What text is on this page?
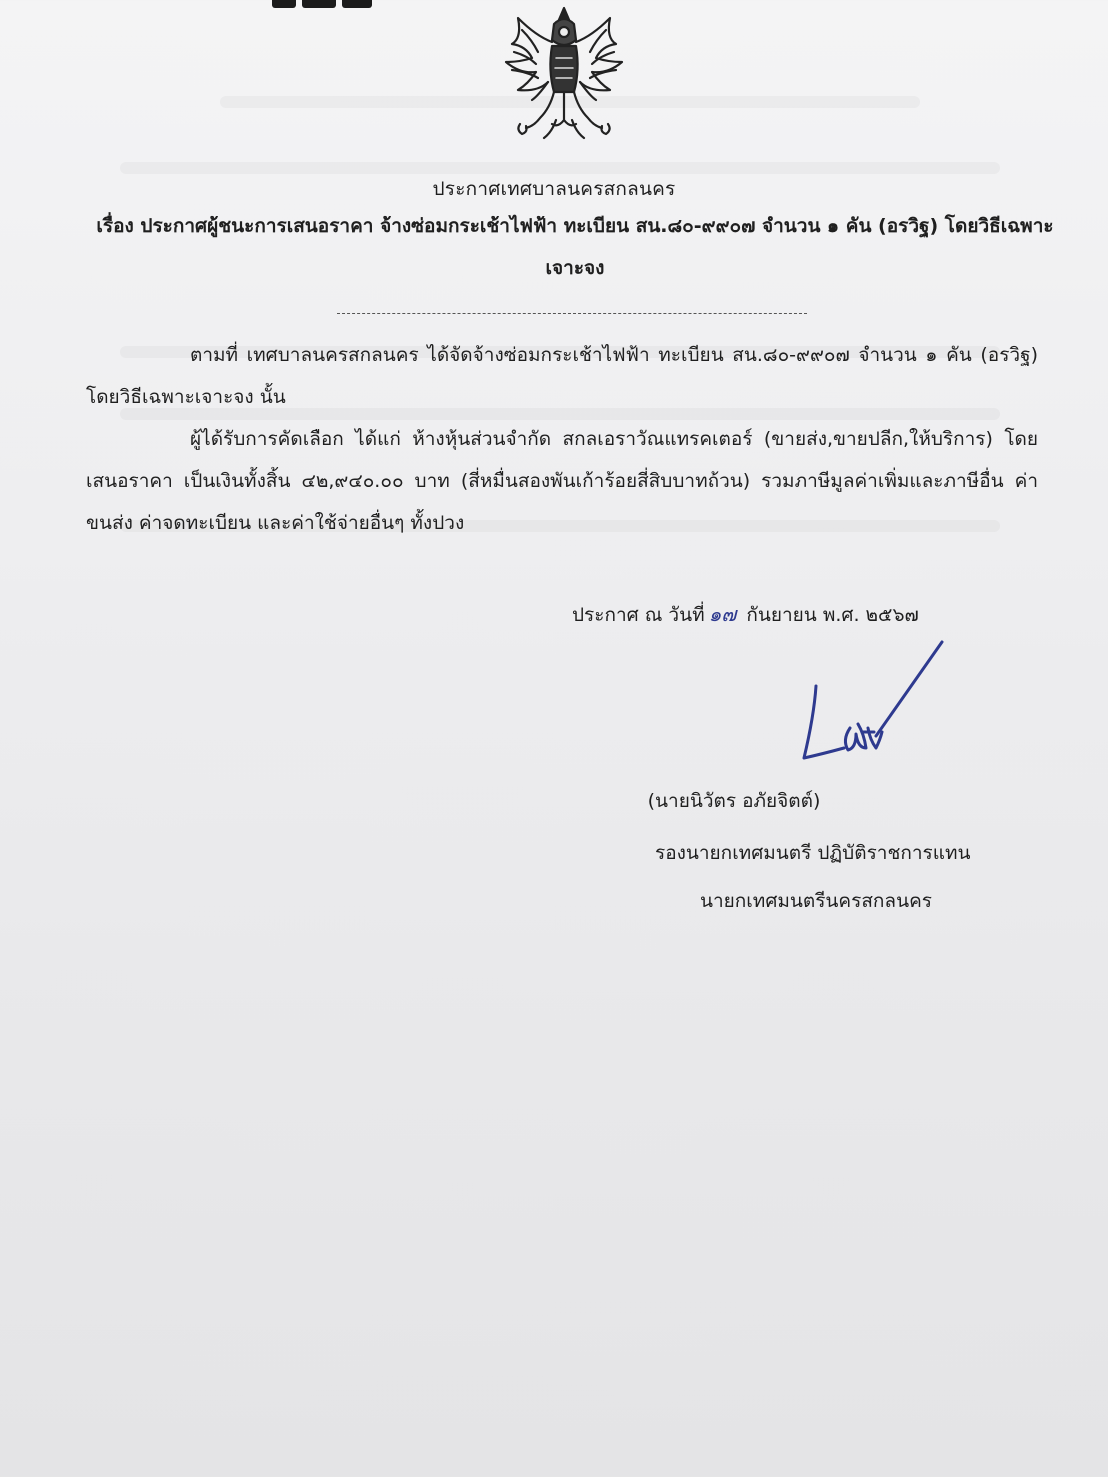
ประกาศเทศบาลนครสกลนคร
เรื่อง ประกาศผู้ชนะการเสนอราคา จ้างซ่อมกระเช้าไฟฟ้า ทะเบียน สน.๘๐-๙๙๐๗ จำนวน ๑ คัน (อรวิฐ) โดยวิธีเฉพาะเจาะจง
ตามที่ เทศบาลนครสกลนคร ได้จัดจ้างซ่อมกระเช้าไฟฟ้า ทะเบียน สน.๘๐-๙๙๐๗ จำนวน ๑ คัน (อรวิฐ) โดยวิธีเฉพาะเจาะจง นั้น
ผู้ได้รับการคัดเลือก ได้แก่ ห้างหุ้นส่วนจำกัด สกลเอราวัณแทรคเตอร์ (ขายส่ง,ขายปลีก,ให้บริการ) โดยเสนอราคา เป็นเงินทั้งสิ้น ๔๒,๙๔๐.๐๐ บาท (สี่หมื่นสองพันเก้าร้อยสี่สิบบาทถ้วน) รวมภาษีมูลค่าเพิ่มและภาษีอื่น ค่าขนส่ง ค่าจดทะเบียน และค่าใช้จ่ายอื่นๆ ทั้งปวง
ประกาศ ณ วันที่ ๑๗ กันยายน พ.ศ. ๒๕๖๗
(นายนิวัตร อภัยจิตต์)
รองนายกเทศมนตรี ปฏิบัติราชการแทน
นายกเทศมนตรีนครสกลนคร
